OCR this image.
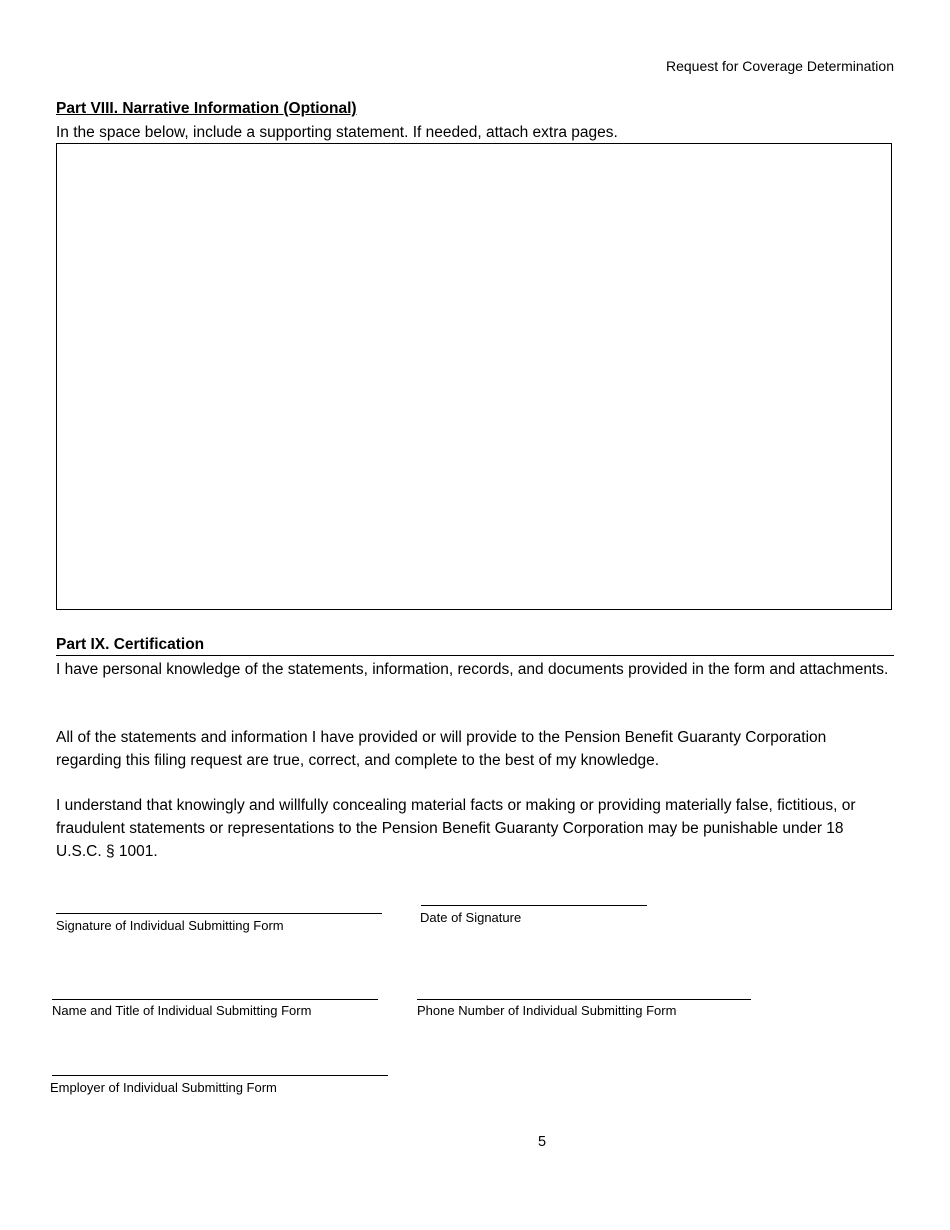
Request for Coverage Determination
Part VIII. Narrative Information (Optional)
In the space below, include a supporting statement. If needed, attach extra pages.
Part IX. Certification
I have personal knowledge of the statements, information, records, and documents provided in the form and attachments.
All of the statements and information I have provided or will provide to the Pension Benefit Guaranty Corporation regarding this filing request are true, correct, and complete to the best of my knowledge.
I understand that knowingly and willfully concealing material facts or making or providing materially false, fictitious, or fraudulent statements or representations to the Pension Benefit Guaranty Corporation may be punishable under 18 U.S.C. § 1001.
Signature of Individual Submitting Form
Date of Signature
Name and Title of Individual Submitting Form	Phone Number of Individual Submitting Form
Employer of Individual Submitting Form
5
